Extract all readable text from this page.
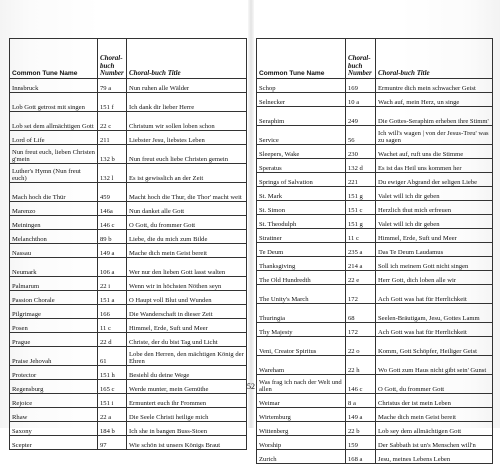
Common Tune Name	Choral-buch Number	Choral-buch Title
Innsbruck	79 a	Nun ruhen alle Wälder
Lob Gott getrost mit singen	151 f	Ich dank dir lieber Herre
Lob sei dem allmächtigen Gott	22 c	Christum wir sollen loben schon
Lord of Life	211	Liebster Jesu, liebstes Leben
Nun freut euch, lieben Christen g'mein	132 b	Nun freut euch liebe Christen gemein
Luther's Hymn (Nun freut euch)	132 l	Es ist gewisslich an der Zeit
Mach hoch die Thür	459	Macht hoch die Thur, die Thor' macht weit
Marenzo	146a	Nun danket alle Gott
Meiningen	146 c	O Gott, du frommer Gott
Melanchthon	89 b	Liebe, die du mich zum Bilde
Nassau	149 a	Mache dich mein Geist bereit
Neumark	106 a	Wer nur den lieben Gott lasst walten
Palmarum	22 i	Wenn wir in höchsten Nöthen seyn
Passion Chorale	151 a	O Haupt voll Blut und Wunden
Pilgrimage	166	Die Wanderschaft in dieser Zeit
Posen	11 c	Himmel, Erde, Suft und Meer
Prague	22 d	Christe, der du bist Tag und Licht
Praise Jehovah	61	Lobe den Herren, den mächtigen König der Ehren
Protector	151 h	Besiehl du deine Wege
Regensburg	165 c	Werde munter, mein Gemüthe
Rejoice	151 i	Ermuntert euch ihr Frommen
Rhaw	22 a	Die Seele Christi heilige mich
Saxony	184 b	Ich she in bangen Buss-Stoen
Scepter	97	Wie schön ist unsers Königs Braut
Common Tune Name	Choral-buch Number	Choral-buch Title
Schop	169	Ermuntre dich mein schwacher Geist
Selnecker	10 a	Wach auf, mein Herz, un singe
Seraphim	249	Die Gottes-Seraphim erheben ihre Stimm'
Service	56	Ich will's wagen | von der Jesus-Treu' was zu sagen
Sleepers, Wake	230	Wachet auf, ruft uns die Stimme
Speratus	132 d	Es ist das Heil uns kommen her
Springs of Salvation	221	Du ewiger Abgrand der seligen Liebe
St. Mark	151 g	Valet will ich dir geben
St. Simon	151 c	Herzlich thut mich erfreuen
St. Theodulph	151 g	Valet will ich dir geben
Strattner	11 c	Himmel, Erde, Suft und Meer
Te Deum	235 a	Das Te Deum Laudamus
Thanksgiving	214 a	Soll ich meinem Gott nicht singen
The Old Hundredth	22 e	Herr Gott, dich loben alle wir
The Unity's March	172	Ach Gott was hat für Herrlichkeit
Thuringia	68	Seelen-Bräutigam, Jesu, Gottes Lamm
Thy Majesty	172	Ach Gott was hat für Herrlichkeit
Veni, Creator Spiritus	22 o	Komm, Gott Schöpfer, Heiliger Geist
Wareham	22 h	Wo Gott zum Haus nicht gibt sein' Gunst
Was frag ich nach der Welt und allen	146 c	O Gott, du frommer Gott
Weimar	8 a	Christus der ist mein Leben
Wirtemburg	149 a	Mache dich mein Geist bereit
Wittenberg	22 b	Lob sey dem allmächtigen Gott
Worship	159	Der Sabbath ist un's Menschen will'n
Zurich	168 a	Jesu, meines Lebens Leben
52
